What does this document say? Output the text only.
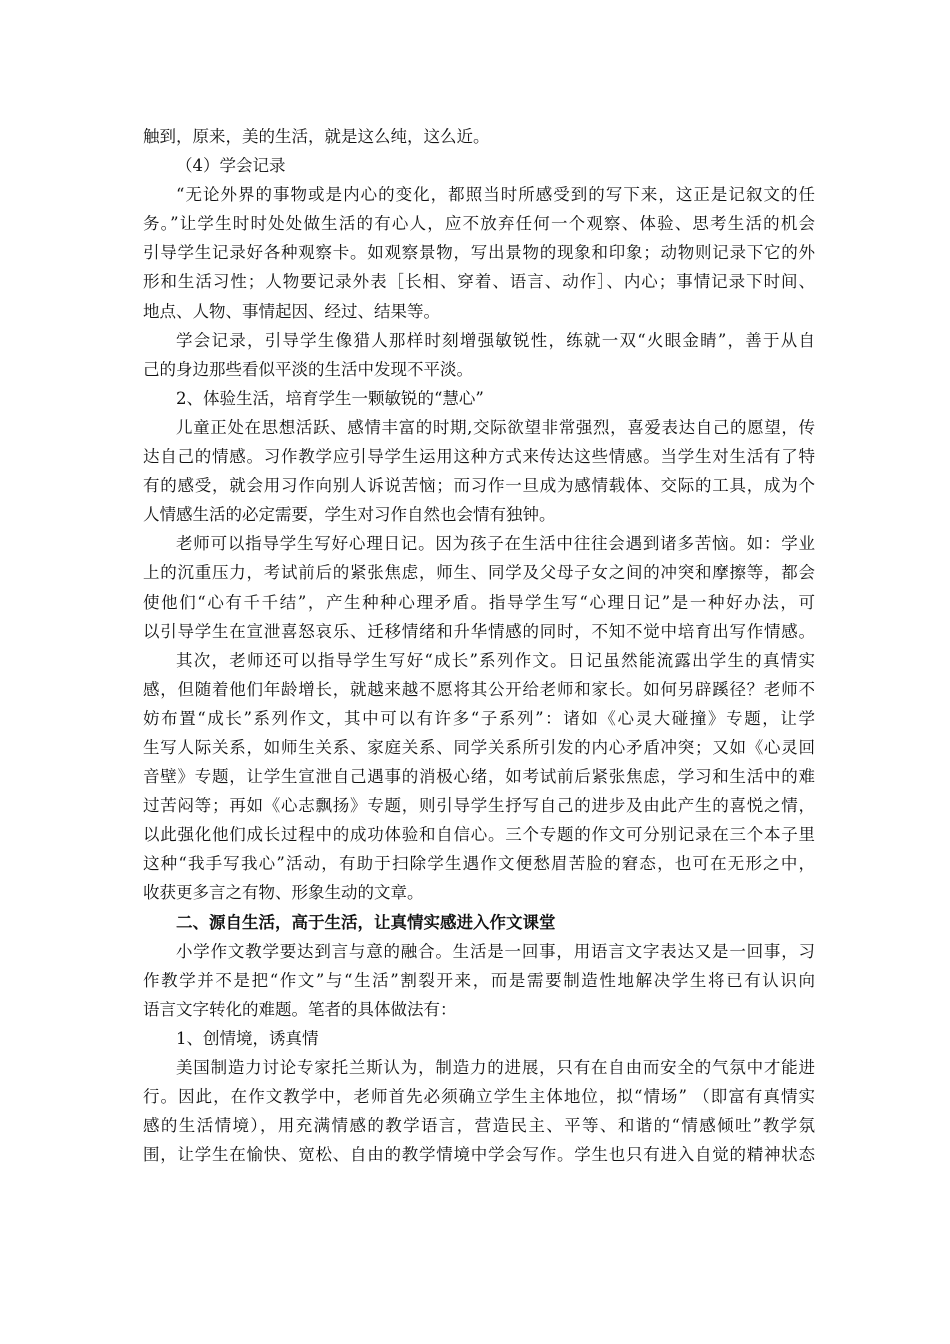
触到，原来，美的生活，就是这么纯，这么近。
（4）学会记录
“无论外界的事物或是内心的变化，都照当时所感受到的写下来，这正是记叙文的任
务。”让学生时时处处做生活的有心人，应不放弃任何一个观察、体验、思考生活的机会
引导学生记录好各种观察卡。如观察景物，写出景物的现象和印象；动物则记录下它的外
形和生活习性；人物要记录外表［长相、穿着、语言、动作］、内心；事情记录下时间、
地点、人物、事情起因、经过、结果等。
学会记录，引导学生像猎人那样时刻增强敏锐性，练就一双“火眼金睛”，善于从自
己的身边那些看似平淡的生活中发现不平淡。
2、体验生活，培育学生一颗敏锐的“慧心”
儿童正处在思想活跃、感情丰富的时期,交际欲望非常强烈，喜爱表达自己的愿望，传
达自己的情感。习作教学应引导学生运用这种方式来传达这些情感。当学生对生活有了特
有的感受，就会用习作向别人诉说苦恼；而习作一旦成为感情载体、交际的工具，成为个
人情感生活的必定需要，学生对习作自然也会情有独钟。
老师可以指导学生写好心理日记。因为孩子在生活中往往会遇到诸多苦恼。如：学业
上的沉重压力，考试前后的紧张焦虑，师生、同学及父母子女之间的冲突和摩擦等，都会
使他们“心有千千结”，产生种种心理矛盾。指导学生写“心理日记”是一种好办法，可
以引导学生在宣泄喜怒哀乐、迁移情绪和升华情感的同时，不知不觉中培育出写作情感。
其次，老师还可以指导学生写好“成长”系列作文。日记虽然能流露出学生的真情实
感，但随着他们年龄增长，就越来越不愿将其公开给老师和家长。如何另辟蹊径？老师不
妨布置“成长”系列作文，其中可以有许多“子系列”：诸如《心灵大碰撞》专题，让学
生写人际关系，如师生关系、家庭关系、同学关系所引发的内心矛盾冲突；又如《心灵回
音壁》专题，让学生宣泄自己遇事的消极心绪，如考试前后紧张焦虑，学习和生活中的难
过苦闷等；再如《心志飘扬》专题，则引导学生抒写自己的进步及由此产生的喜悦之情，
以此强化他们成长过程中的成功体验和自信心。三个专题的作文可分别记录在三个本子里
这种“我手写我心”活动，有助于扫除学生遇作文便愁眉苦脸的窘态，也可在无形之中，
收获更多言之有物、形象生动的文章。
二、源自生活，高于生活，让真情实感进入作文课堂
小学作文教学要达到言与意的融合。生活是一回事，用语言文字表达又是一回事，习
作教学并不是把“作文”与“生活”割裂开来，而是需要制造性地解决学生将已有认识向
语言文字转化的难题。笔者的具体做法有：
1、创情境，诱真情
美国制造力讨论专家托兰斯认为，制造力的进展，只有在自由而安全的气氛中才能进
行。因此，在作文教学中，老师首先必须确立学生主体地位，拟“情场” （即富有真情实
感的生活情境），用充满情感的教学语言，营造民主、平等、和谐的“情感倾吐”教学氛
围，让学生在愉快、宽松、自由的教学情境中学会写作。学生也只有进入自觉的精神状态
